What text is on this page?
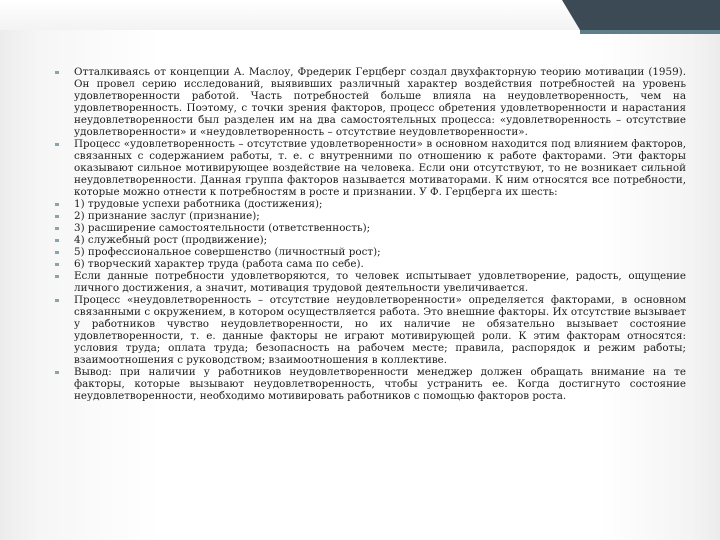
Отталкиваясь от концепции А. Маслоу, Фредерик Герцберг создал двухфакторную теорию мотивации (1959). Он провел серию исследований, выявивших различный характер воздействия потребностей на уровень удовлетворенности работой. Часть потребностей больше влияла на неудовлетворенность, чем на удовлетворенность. Поэтому, с точки зрения факторов, процесс обретения удовлетворенности и нарастания неудовлетворенности был разделен им на два самостоятельных процесса: «удовлетворенность – отсутствие удовлетворенности» и «неудовлетворенность – отсутствие неудовлетворенности».
Процесс «удовлетворенность – отсутствие удовлетворенности» в основном находится под влиянием факторов, связанных с содержанием работы, т. е. с внутренними по отношению к работе факторами. Эти факторы оказывают сильное мотивирующее воздействие на человека. Если они отсутствуют, то не возникает сильной неудовлетворенности. Данная группа факторов называется мотиваторами. К ним относятся все потребности, которые можно отнести к потребностям в росте и признании. У Ф. Герцберга их шесть:
1) трудовые успехи работника (достижения);
2) признание заслуг (признание);
3) расширение самостоятельности (ответственность);
4) служебный рост (продвижение);
5) профессиональное совершенство (личностный рост);
6) творческий характер труда (работа сама по себе).
Если данные потребности удовлетворяются, то человек испытывает удовлетворение, радость, ощущение личного достижения, а значит, мотивация трудовой деятельности увеличивается.
Процесс «неудовлетворенность – отсутствие неудовлетворенности» определяется факторами, в основном связанными с окружением, в котором осуществляется работа. Это внешние факторы. Их отсутствие вызывает у работников чувство неудовлетворенности, но их наличие не обязательно вызывает состояние удовлетворенности, т. е. данные факторы не играют мотивирующей роли. К этим факторам относятся: условия труда; оплата труда; безопасность на рабочем месте; правила, распорядок и режим работы; взаимоотношения с руководством; взаимоотношения в коллективе.
Вывод: при наличии у работников неудовлетворенности менеджер должен обращать внимание на те факторы, которые вызывают неудовлетворенность, чтобы устранить ее. Когда достигнуто состояние неудовлетворенности, необходимо мотивировать работников с помощью факторов роста.
